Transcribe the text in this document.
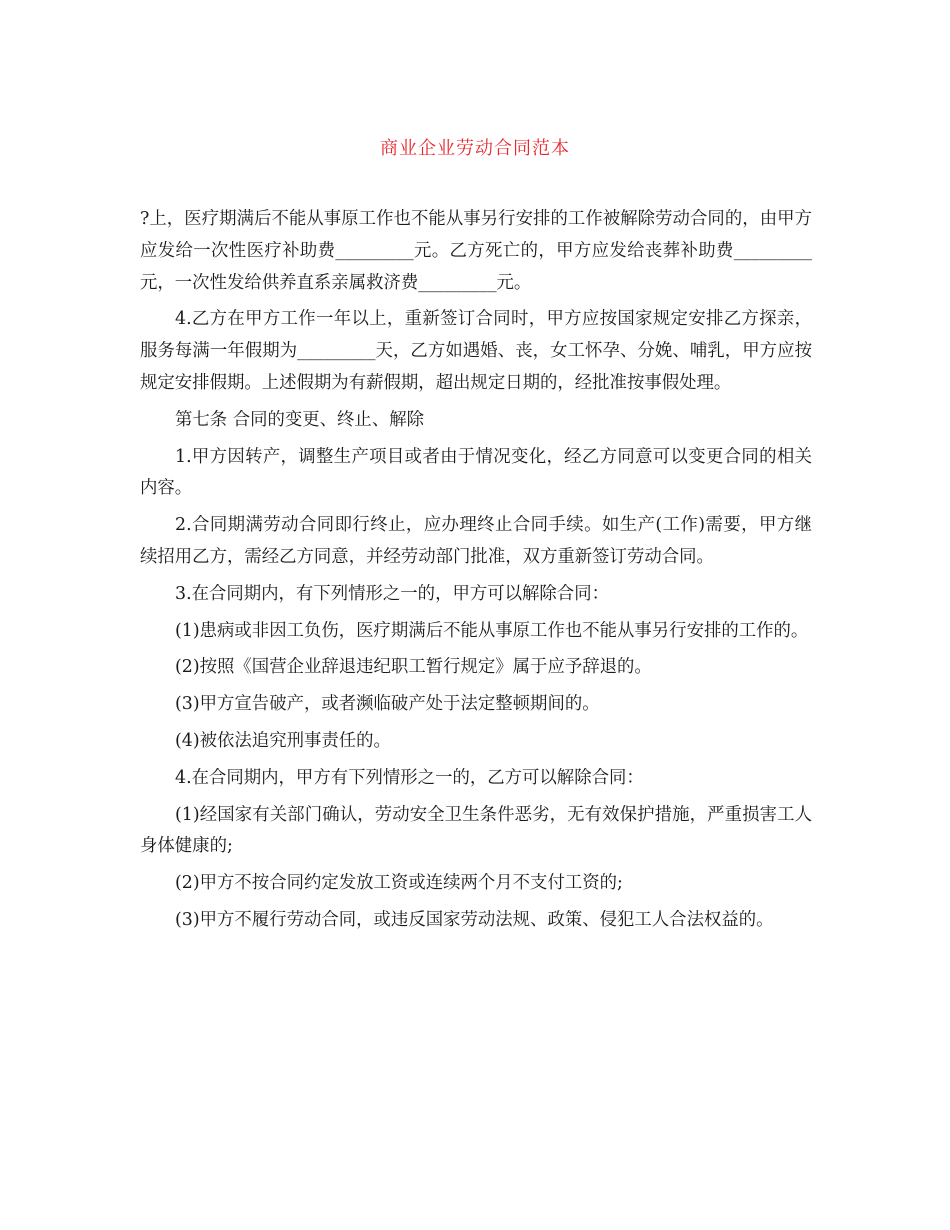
商业企业劳动合同范本

?上，医疗期满后不能从事原工作也不能从事另行安排的工作被解除劳动合同的，由甲方应发给一次性医疗补助费_________元。乙方死亡的，甲方应发给丧葬补助费_________元，一次性发给供养直系亲属救济费_________元。

4.乙方在甲方工作一年以上，重新签订合同时，甲方应按国家规定安排乙方探亲，服务每满一年假期为_________天，乙方如遇婚、丧，女工怀孕、分娩、哺乳，甲方应按规定安排假期。上述假期为有薪假期，超出规定日期的，经批准按事假处理。

第七条 合同的变更、终止、解除

1.甲方因转产，调整生产项目或者由于情况变化，经乙方同意可以变更合同的相关内容。

2.合同期满劳动合同即行终止，应办理终止合同手续。如生产(工作)需要，甲方继续招用乙方，需经乙方同意，并经劳动部门批准，双方重新签订劳动合同。

3.在合同期内，有下列情形之一的，甲方可以解除合同：

(1)患病或非因工负伤，医疗期满后不能从事原工作也不能从事另行安排的工作的。

(2)按照《国营企业辞退违纪职工暂行规定》属于应予辞退的。

(3)甲方宣告破产，或者濒临破产处于法定整顿期间的。

(4)被依法追究刑事责任的。

4.在合同期内，甲方有下列情形之一的，乙方可以解除合同：

(1)经国家有关部门确认，劳动安全卫生条件恶劣，无有效保护措施，严重损害工人身体健康的;

(2)甲方不按合同约定发放工资或连续两个月不支付工资的;

(3)甲方不履行劳动合同，或违反国家劳动法规、政策、侵犯工人合法权益的。
